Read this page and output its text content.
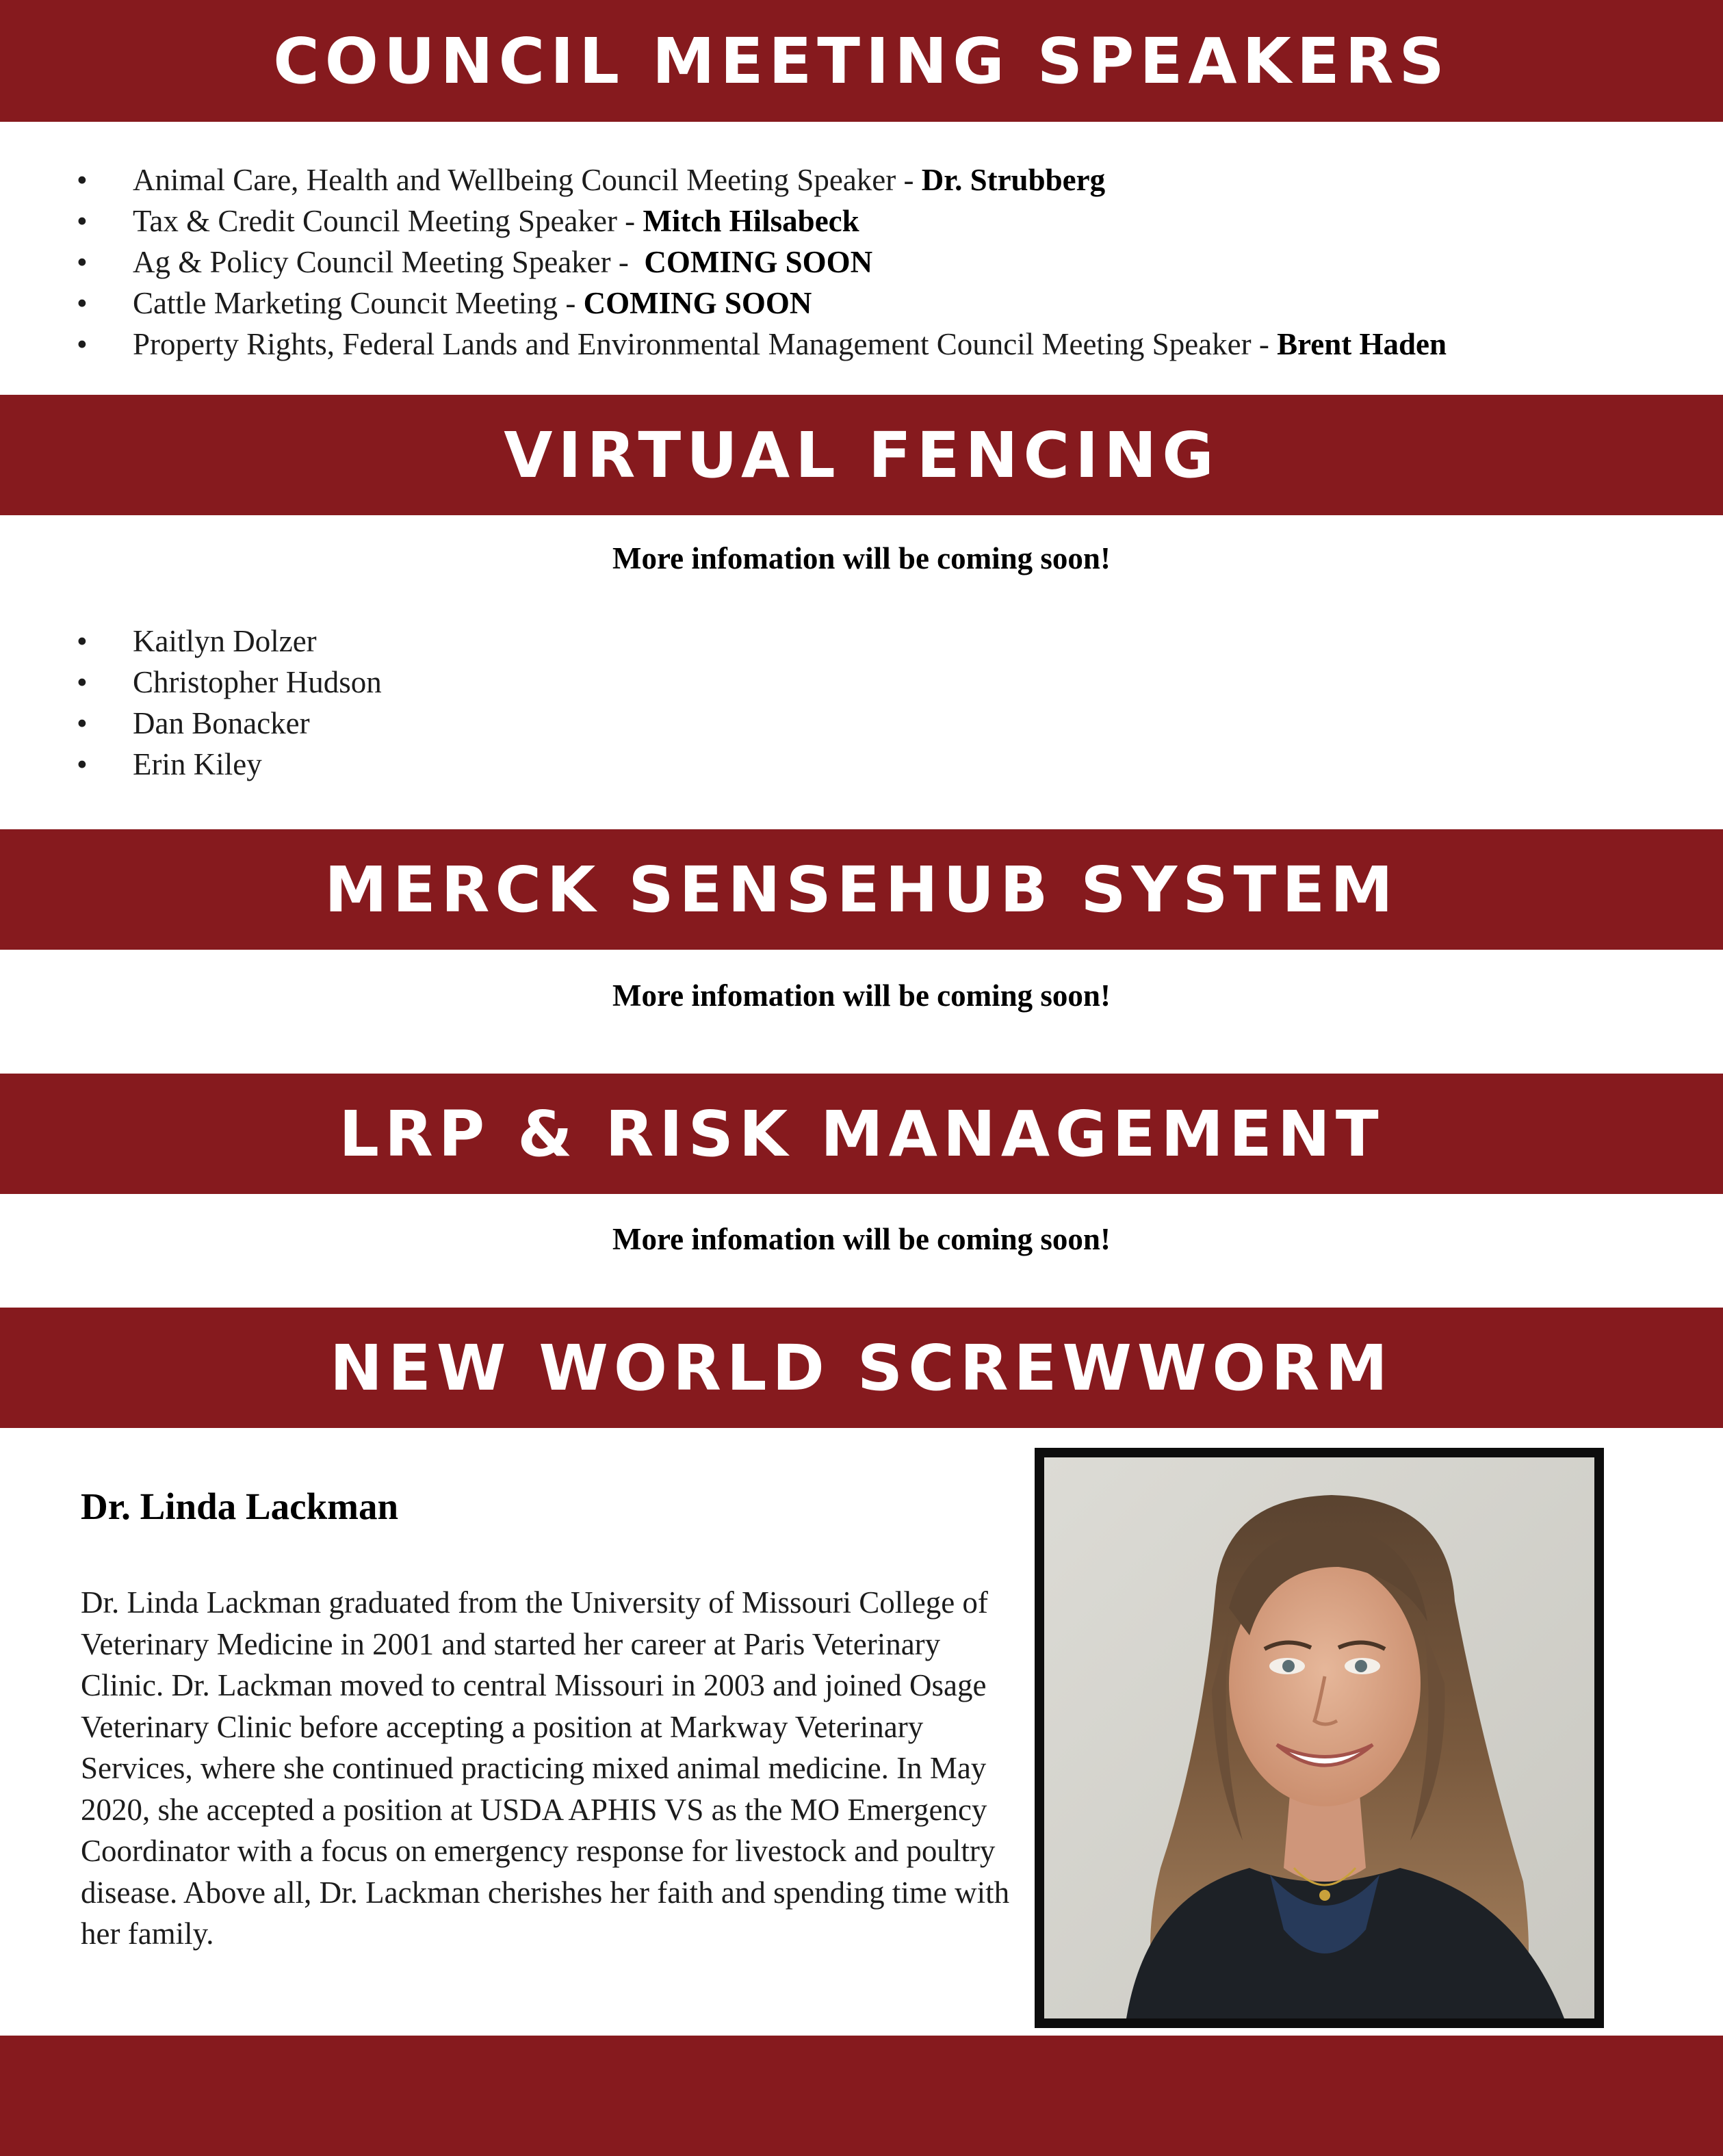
COUNCIL MEETING SPEAKERS
• Animal Care, Health and Wellbeing Council Meeting Speaker - Dr. Strubberg
• Tax & Credit Council Meeting Speaker - Mitch Hilsabeck
• Ag & Policy Council Meeting Speaker -  COMING SOON
• Cattle Marketing Councit Meeting - COMING SOON
• Property Rights, Federal Lands and Environmental Management Council Meeting Speaker - Brent Haden
VIRTUAL FENCING
More infomation will be coming soon!
• Kaitlyn Dolzer
• Christopher Hudson
• Dan Bonacker
• Erin Kiley
MERCK SENSEHUB SYSTEM
More infomation will be coming soon!
LRP & RISK MANAGEMENT
More infomation will be coming soon!
NEW WORLD SCREWWORM
Dr. Linda Lackman

Dr. Linda Lackman graduated from the University of Missouri College of Veterinary Medicine in 2001 and started her career at Paris Veterinary Clinic. Dr. Lackman moved to central Missouri in 2003 and joined Osage Veterinary Clinic before accepting a position at Markway Veterinary Services, where she continued practicing mixed animal medicine. In May 2020, she accepted a position at USDA APHIS VS as the MO Emergency Coordinator with a focus on emergency response for livestock and poultry disease. Above all, Dr. Lackman cherishes her faith and spending time with her family.
